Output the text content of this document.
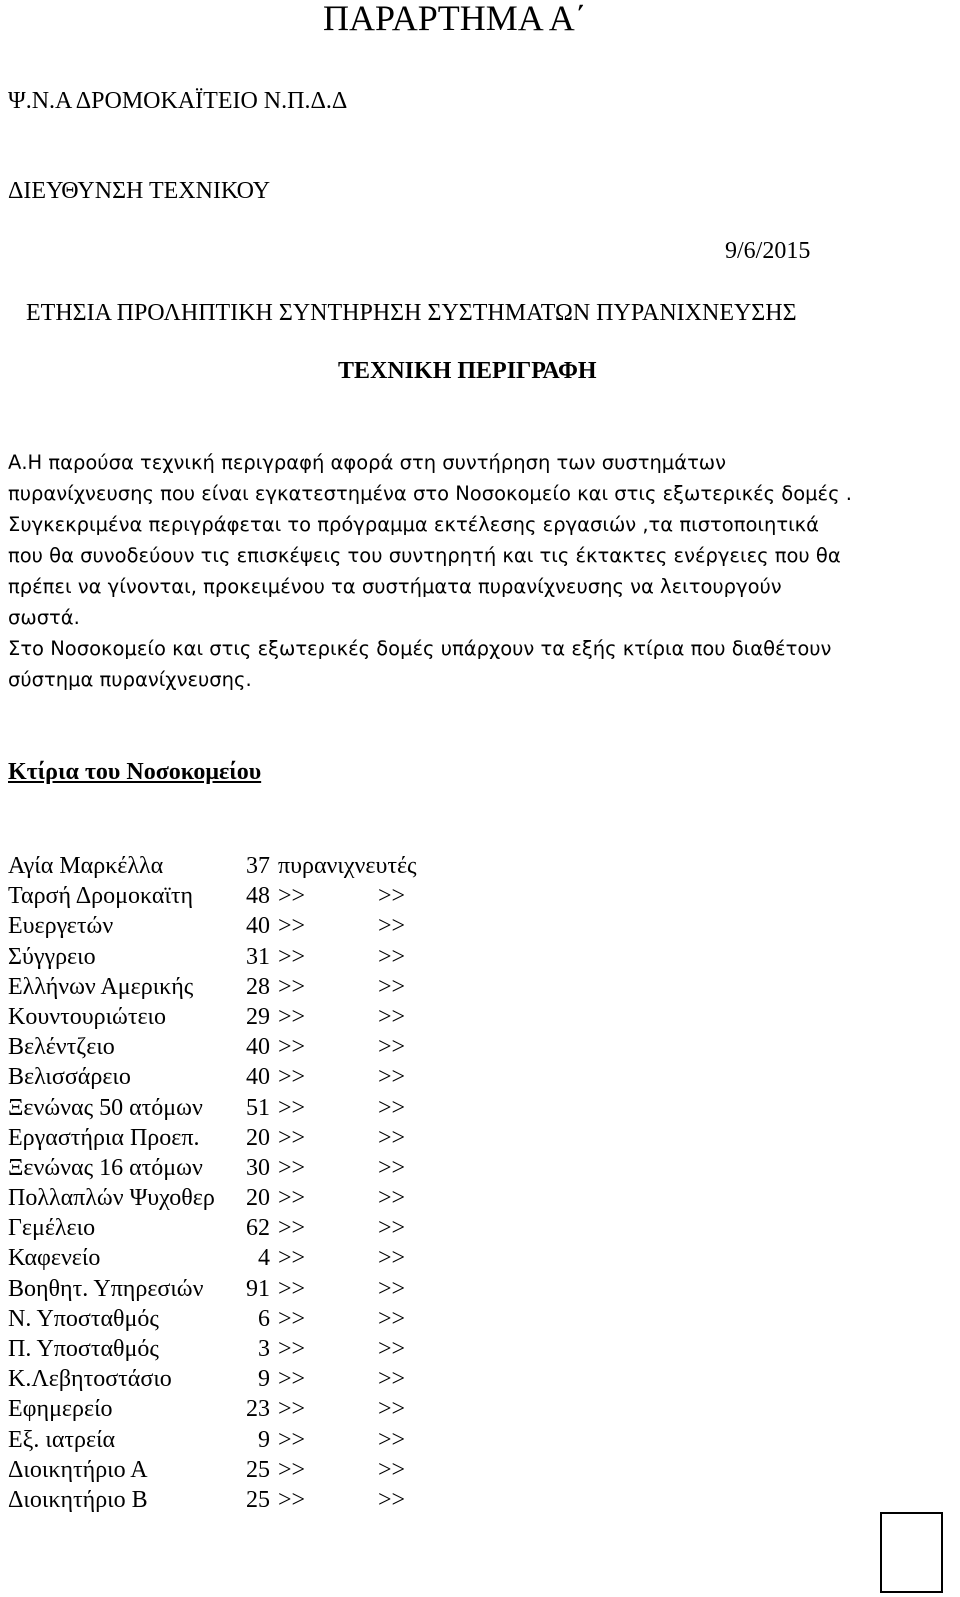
ΠΑΡΑΡΤΗΜΑ Α΄
Ψ.Ν.Α ΔΡΟΜΟΚΑΪΤΕΙΟ Ν.Π.Δ.Δ
ΔΙΕΥΘΥΝΣΗ ΤΕΧΝΙΚΟΥ
9/6/2015
ΕΤΗΣΙΑ ΠΡΟΛΗΠΤΙΚΗ ΣΥΝΤΗΡΗΣΗ ΣΥΣΤΗΜΑΤΩΝ ΠΥΡΑΝΙΧΝΕΥΣΗΣ
ΤΕΧΝΙΚΗ ΠΕΡΙΓΡΑΦΗ
Α.Η παρούσα τεχνική περιγραφή αφορά στη συντήρηση των συστημάτων
πυρανίχνευσης που είναι εγκατεστημένα στο Νοσοκομείο και στις εξωτερικές δομές .
Συγκεκριμένα περιγράφεται το πρόγραμμα εκτέλεσης εργασιών ,τα πιστοποιητικά
που θα συνοδεύουν τις επισκέψεις του συντηρητή και τις έκτακτες ενέργειες που θα
πρέπει να γίνονται, προκειμένου τα συστήματα πυρανίχνευσης να λειτουργούν
σωστά.
Στο Νοσοκομείο και στις εξωτερικές δομές υπάρχουν τα εξής κτίρια που διαθέτουν
σύστημα πυρανίχνευσης.
Κτίρια του Νοσοκομείου
Αγία Μαρκέλλα	37 πυρανιχνευτές
Ταρσή Δρομοκαϊτη 48 >>	>>
Ευεργετών	40 >>	>>
Σύγγρειο	31 >>	>>
Ελλήνων Αμερικής 28 >>	>>
Κουντουριώτειο	29 >>	>>
Βελέντζειο	40 >>	>>
Βελισσάρειο	40 >>	>>
Ξενώνας 50 ατόμων 51 >>	>>
Εργαστήρια Προεπ. 20 >>	>>
Ξενώνας 16 ατόμων 30 >>	>>
Πολλαπλών Ψυχοθερ 20 >>	>>
Γεμέλειο	62 >>	>>
Καφενείο	4 >>	>>
Βοηθητ. Υπηρεσιών 91 >>	>>
Ν. Υποσταθμός	6 >>	>>
Π. Υποσταθμός	3 >>	>>
Κ.Λεβητοστάσιο	9 >>	>>
Εφημερείο	23 >>	>>
Εξ. ιατρεία	9 >>	>>
Διοικητήριο Α	25 >>	>>
Διοικητήριο Β	25 >>	>>
